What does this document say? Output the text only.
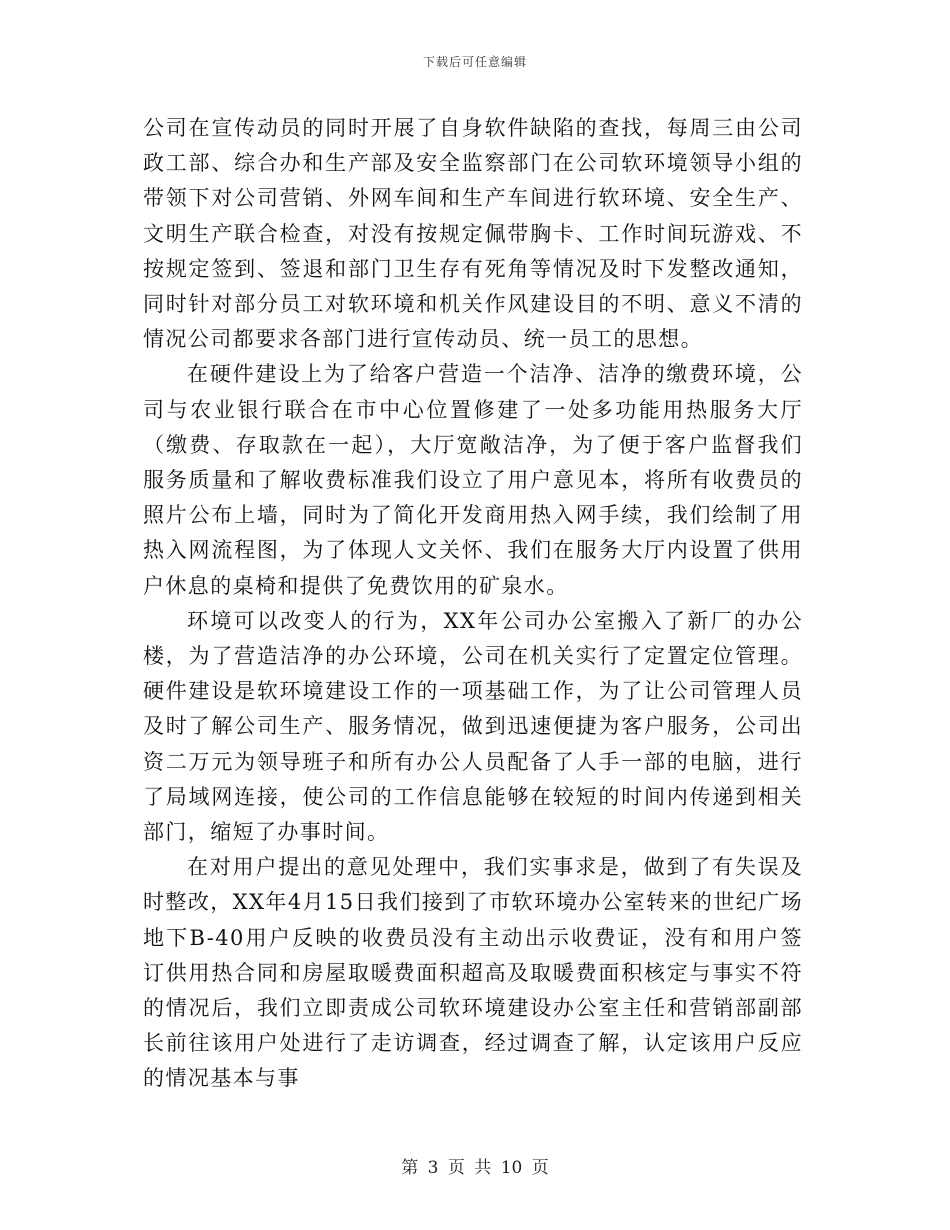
下载后可任意编辑

公司在宣传动员的同时开展了自身软件缺陷的查找，每周三由公司政工部、综合办和生产部及安全监察部门在公司软环境领导小组的带领下对公司营销、外网车间和生产车间进行软环境、安全生产、文明生产联合检查，对没有按规定佩带胸卡、工作时间玩游戏、不按规定签到、签退和部门卫生存有死角等情况及时下发整改通知，同时针对部分员工对软环境和机关作风建设目的不明、意义不清的情况公司都要求各部门进行宣传动员、统一员工的思想。

在硬件建设上为了给客户营造一个洁净、洁净的缴费环境，公司与农业银行联合在市中心位置修建了一处多功能用热服务大厅（缴费、存取款在一起），大厅宽敞洁净，为了便于客户监督我们服务质量和了解收费标准我们设立了用户意见本，将所有收费员的照片公布上墙，同时为了简化开发商用热入网手续，我们绘制了用热入网流程图，为了体现人文关怀、我们在服务大厅内设置了供用户休息的桌椅和提供了免费饮用的矿泉水。

环境可以改变人的行为，XX年公司办公室搬入了新厂的办公楼，为了营造洁净的办公环境，公司在机关实行了定置定位管理。硬件建设是软环境建设工作的一项基础工作，为了让公司管理人员及时了解公司生产、服务情况，做到迅速便捷为客户服务，公司出资二万元为领导班子和所有办公人员配备了人手一部的电脑，进行了局域网连接，使公司的工作信息能够在较短的时间内传递到相关部门，缩短了办事时间。

在对用户提出的意见处理中，我们实事求是，做到了有失误及时整改，XX年4月15日我们接到了市软环境办公室转来的世纪广场地下B-40用户反映的收费员没有主动出示收费证，没有和用户签订供用热合同和房屋取暖费面积超高及取暖费面积核定与事实不符的情况后，我们立即责成公司软环境建设办公室主任和营销部副部长前往该用户处进行了走访调查，经过调查了解，认定该用户反应的情况基本与事

第 3 页 共 10 页
